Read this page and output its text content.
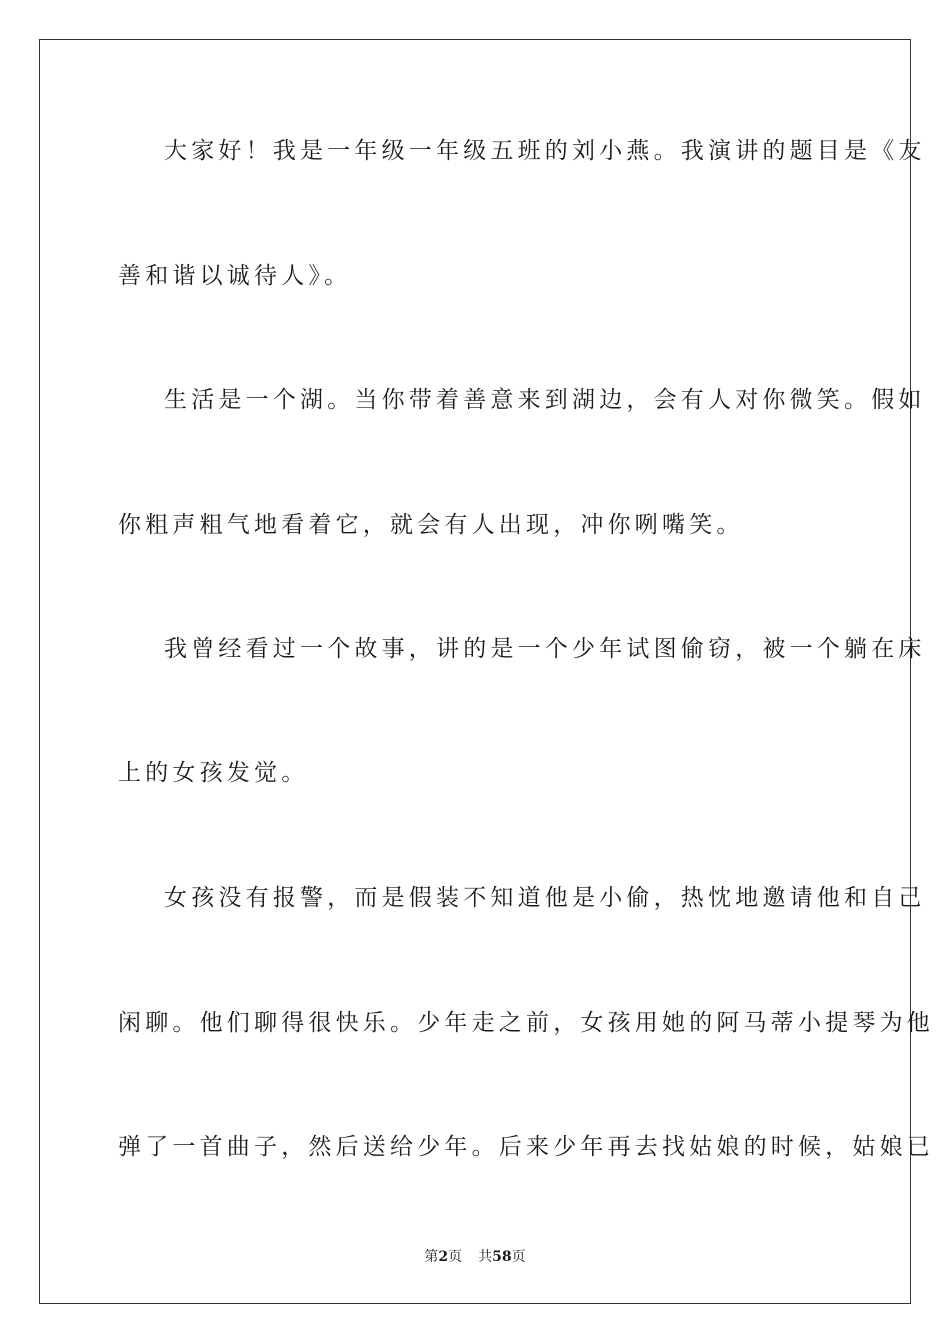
大家好！我是一年级一年级五班的刘小燕。我演讲的题目是《友
善和谐以诚待人》。
生活是一个湖。当你带着善意来到湖边，会有人对你微笑。假如
你粗声粗气地看着它，就会有人出现，冲你咧嘴笑。
我曾经看过一个故事，讲的是一个少年试图偷窃，被一个躺在床
上的女孩发觉。
女孩没有报警，而是假装不知道他是小偷，热忱地邀请他和自己
闲聊。他们聊得很快乐。少年走之前，女孩用她的阿马蒂小提琴为他
弹了一首曲子，然后送给少年。后来少年再去找姑娘的时候，姑娘已
第2页 共58页
